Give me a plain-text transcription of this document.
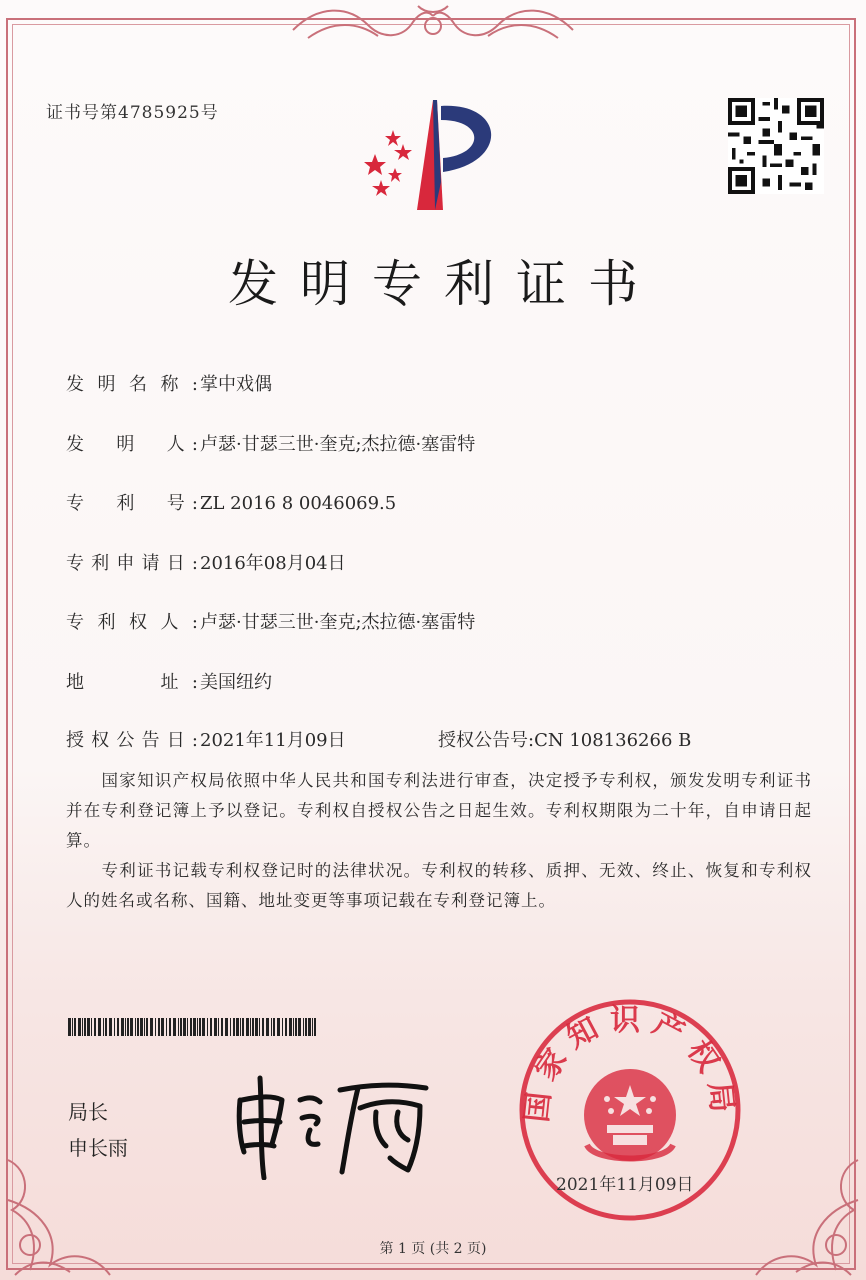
证书号第4785925号
发明专利证书
发明名称: 掌中戏偶
发　明　人: 卢瑟·甘瑟三世·奎克;杰拉德·塞雷特
专　利　号: ZL 2016 8 0046069.5
专利申请日: 2016年08月04日
专利权人: 卢瑟·甘瑟三世·奎克;杰拉德·塞雷特
地　　址: 美国纽约
授权公告日: 2021年11月09日	授权公告号:CN 108136266 B
　　国家知识产权局依照中华人民共和国专利法进行审查，决定授予专利权，颁发发明专利证书并在专利登记簿上予以登记。专利权自授权公告之日起生效。专利权期限为二十年，自申请日起算。
　　专利证书记载专利权登记时的法律状况。专利权的转移、质押、无效、终止、恢复和专利权人的姓名或名称、国籍、地址变更等事项记载在专利登记簿上。
局长
申长雨
国家知识产权局
2021年11月09日
第 1 页 (共 2 页)
